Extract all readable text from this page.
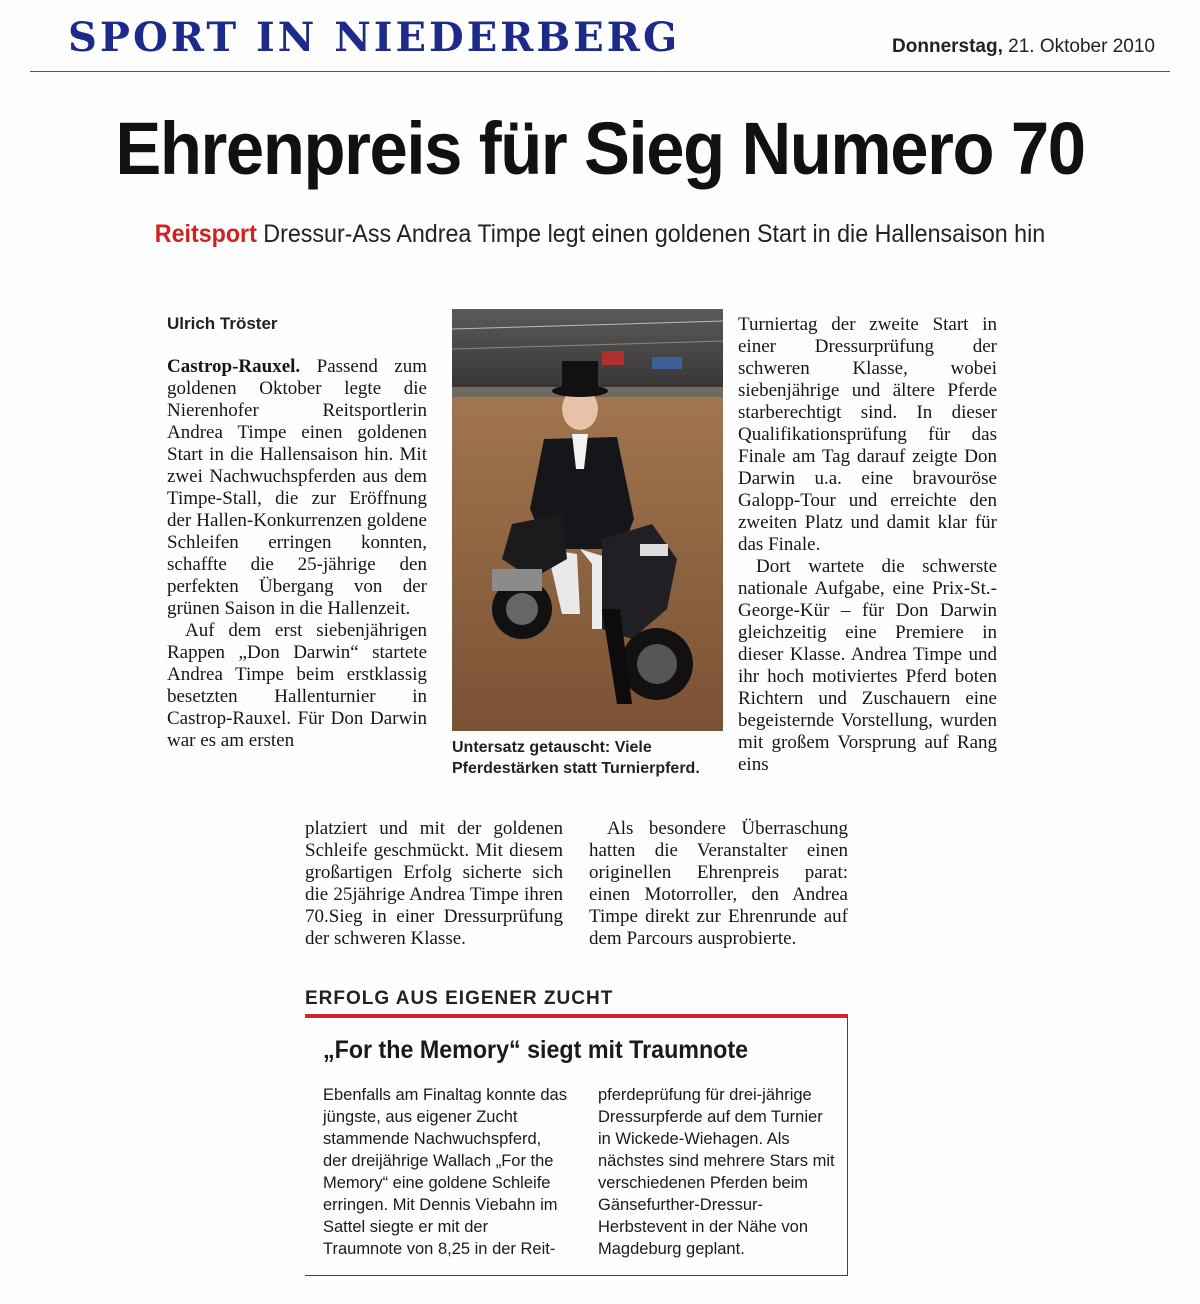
SPORT IN NIEDERBERG	Donnerstag, 21. Oktober 2010
Ehrenpreis für Sieg Numero 70
Reitsport Dressur-Ass Andrea Timpe legt einen goldenen Start in die Hallensaison hin
Ulrich Tröster

Castrop-Rauxel. Passend zum goldenen Oktober legte die Nierenhofer Reitsportlerin Andrea Timpe einen goldenen Start in die Hallensaison hin. Mit zwei Nachwuchspferden aus dem Timpe-Stall, die zur Eröffnung der Hallen-Konkurrenzen goldene Schleifen erringen konnten, schaffte die 25-jährige den perfekten Übergang von der grünen Saison in die Hallenzeit.

Auf dem erst siebenjährigen Rappen „Don Darwin“ startete Andrea Timpe beim erstklassig besetzten Hallenturnier in Castrop-Rauxel. Für Don Darwin war es am ersten	Untersatz getauscht: Viele Pferdestärken statt Turnierpferd.

Turniertag der zweite Start in einer Dressurprüfung der schweren Klasse, wobei siebenjährige und ältere Pferde starberechtigt sind. In dieser Qualifikationsprüfung für das Finale am Tag darauf zeigte Don Darwin u.a. eine bravouröse Galopp-Tour und erreichte den zweiten Platz und damit klar für das Finale.

Dort wartete die schwerste nationale Aufgabe, eine Prix-St.-George-Kür – für Don Darwin gleichzeitig eine Premiere in dieser Klasse. Andrea Timpe und ihr hoch motiviertes Pferd boten Richtern und Zuschauern eine begeisternde Vorstellung, wurden mit großem Vorsprung auf Rang eins

platziert und mit der goldenen Schleife geschmückt. Mit diesem großartigen Erfolg sicherte sich die 25jährige Andrea Timpe ihren 70.Sieg in einer Dressurprüfung der schweren Klasse.

Als besondere Überraschung hatten die Veranstalter einen originellen Ehrenpreis parat: einen Motorroller, den Andrea Timpe direkt zur Ehrenrunde auf dem Parcours ausprobierte.

ERFOLG AUS EIGENER ZUCHT
„For the Memory“ siegt mit Traumnote

Ebenfalls am Finaltag konnte das jüngste, aus eigener Zucht stammende Nachwuchspferd, der dreijährige Wallach „For the Memory“ eine goldene Schleife erringen. Mit Dennis Viebahn im Sattel siegte er mit der Traumnote von 8,25 in der Reit-

pferdeprüfung für drei-jährige Dressurpferde auf dem Turnier in Wickede-Wiehagen. Als nächstes sind mehrere Stars mit verschiedenen Pferden beim Gänsefurther-Dressur-Herbstevent in der Nähe von Magdeburg geplant.
